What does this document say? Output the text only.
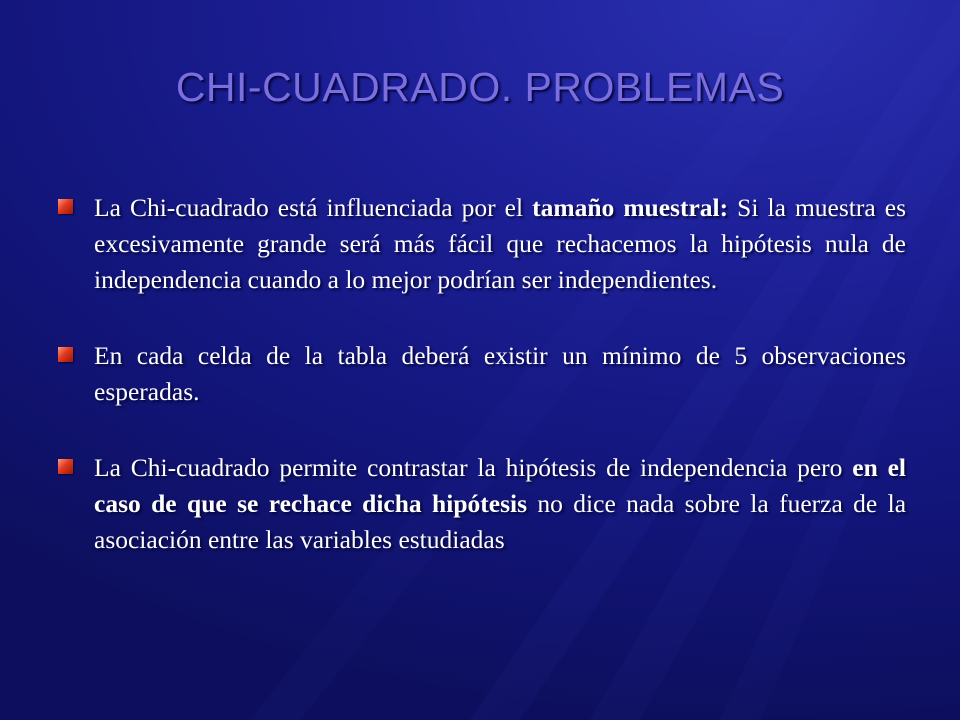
CHI-CUADRADO. PROBLEMAS
La Chi-cuadrado está influenciada por el tamaño muestral: Si la muestra es excesivamente grande será más fácil que rechacemos la hipótesis nula de independencia cuando a lo mejor podrían ser independientes.
En cada celda de la tabla deberá existir un mínimo de 5 observaciones esperadas.
La Chi-cuadrado permite contrastar la hipótesis de independencia pero en el caso de que se rechace dicha hipótesis no dice nada sobre la fuerza de la asociación entre las variables estudiadas
